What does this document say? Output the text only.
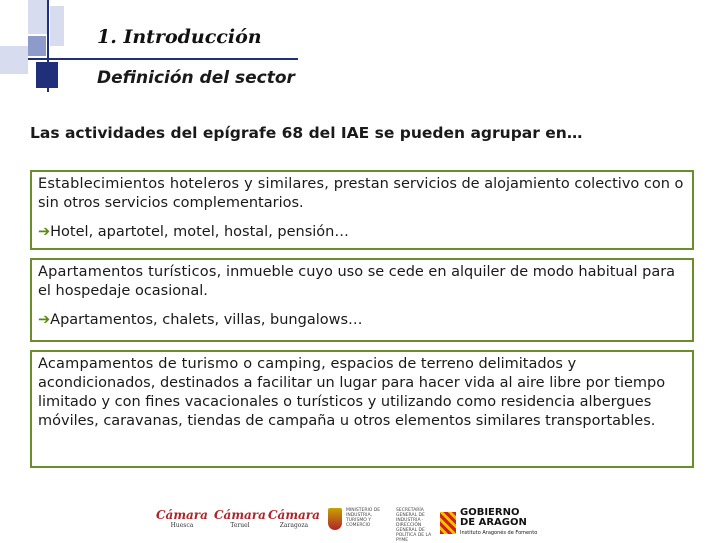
1. Introducción
Definición del sector

Las actividades del epígrafe 68 del IAE se pueden agrupar en…

Establecimientos hoteleros y similares, prestan servicios de alojamiento colectivo con o sin otros servicios complementarios.

➔Hotel, apartotel, motel, hostal, pensión…

Apartamentos turísticos, inmueble cuyo uso se cede en alquiler de modo habitual para el hospedaje ocasional.

➔Apartamentos, chalets, villas, bungalows…

Acampamentos de turismo o camping, espacios de terreno delimitados y acondicionados, destinados a facilitar un lugar para hacer vida al aire libre por tiempo limitado y con fines vacacionales o turísticos y utilizando como residencia albergues móviles, caravanas, tiendas de campaña u otros elementos similares transportables.

Cámara
Huesca
Cámara
Teruel
Cámara
Zaragoza
MINISTERIO DE INDUSTRIA, TURISMO Y COMERCIO
SECRETARÍA GENERAL DE INDUSTRIA · DIRECCIÓN GENERAL DE POLÍTICA DE LA PYME
GOBIERNO
DE ARAGON
Instituto Aragonés de Fomento
